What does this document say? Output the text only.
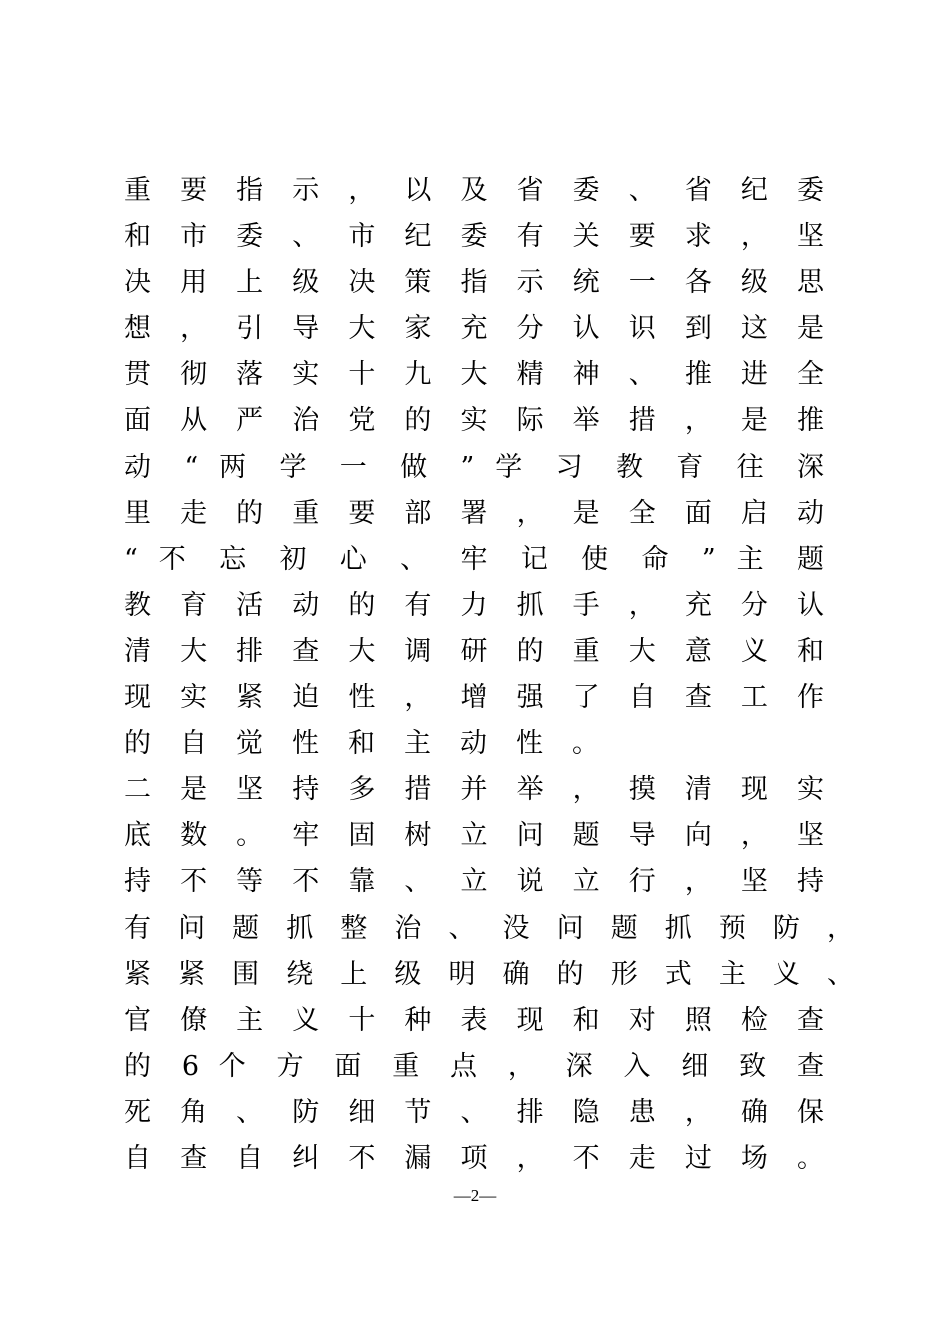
重 要 指 示 ， 以 及 省 委 、 省 纪 委
和 市 委 、 市 纪 委 有 关 要 求 ， 坚
决 用 上 级 决 策 指 示 统 一 各 级 思
想 ， 引 导 大 家 充 分 认 识 到 这 是
贯 彻 落 实 十 九 大 精 神 、 推 进 全
面 从 严 治 党 的 实 际 举 措 ， 是 推
动 “ 两 学 一 做 ” 学 习 教 育 往 深
里 走 的 重 要 部 署 ， 是 全 面 启 动
“ 不 忘 初 心 、 牢 记 使 命 ” 主 题
教 育 活 动 的 有 力 抓 手 ， 充 分 认
清 大 排 查 大 调 研 的 重 大 意 义 和
现 实 紧 迫 性 ， 增 强 了 自 查 工 作
的自觉性和主动性。
二 是 坚 持 多 措 并 举 ， 摸 清 现 实
底 数 。 牢 固 树 立 问 题 导 向 ， 坚
持 不 等 不 靠 、 立 说 立 行 ， 坚 持
有 问 题 抓 整 治 、 没 问 题 抓 预 防 ，
紧 紧 围 绕 上 级 明 确 的 形 式 主 义 、
官 僚 主 义 十 种 表 现 和 对 照 检 查
的 6 个 方 面 重 点 ， 深 入 细 致 查
死 角 、 防 细 节 、 排 隐 患 ， 确 保
自 查 自 纠 不 漏 项 ， 不 走 过 场 。
—2—
